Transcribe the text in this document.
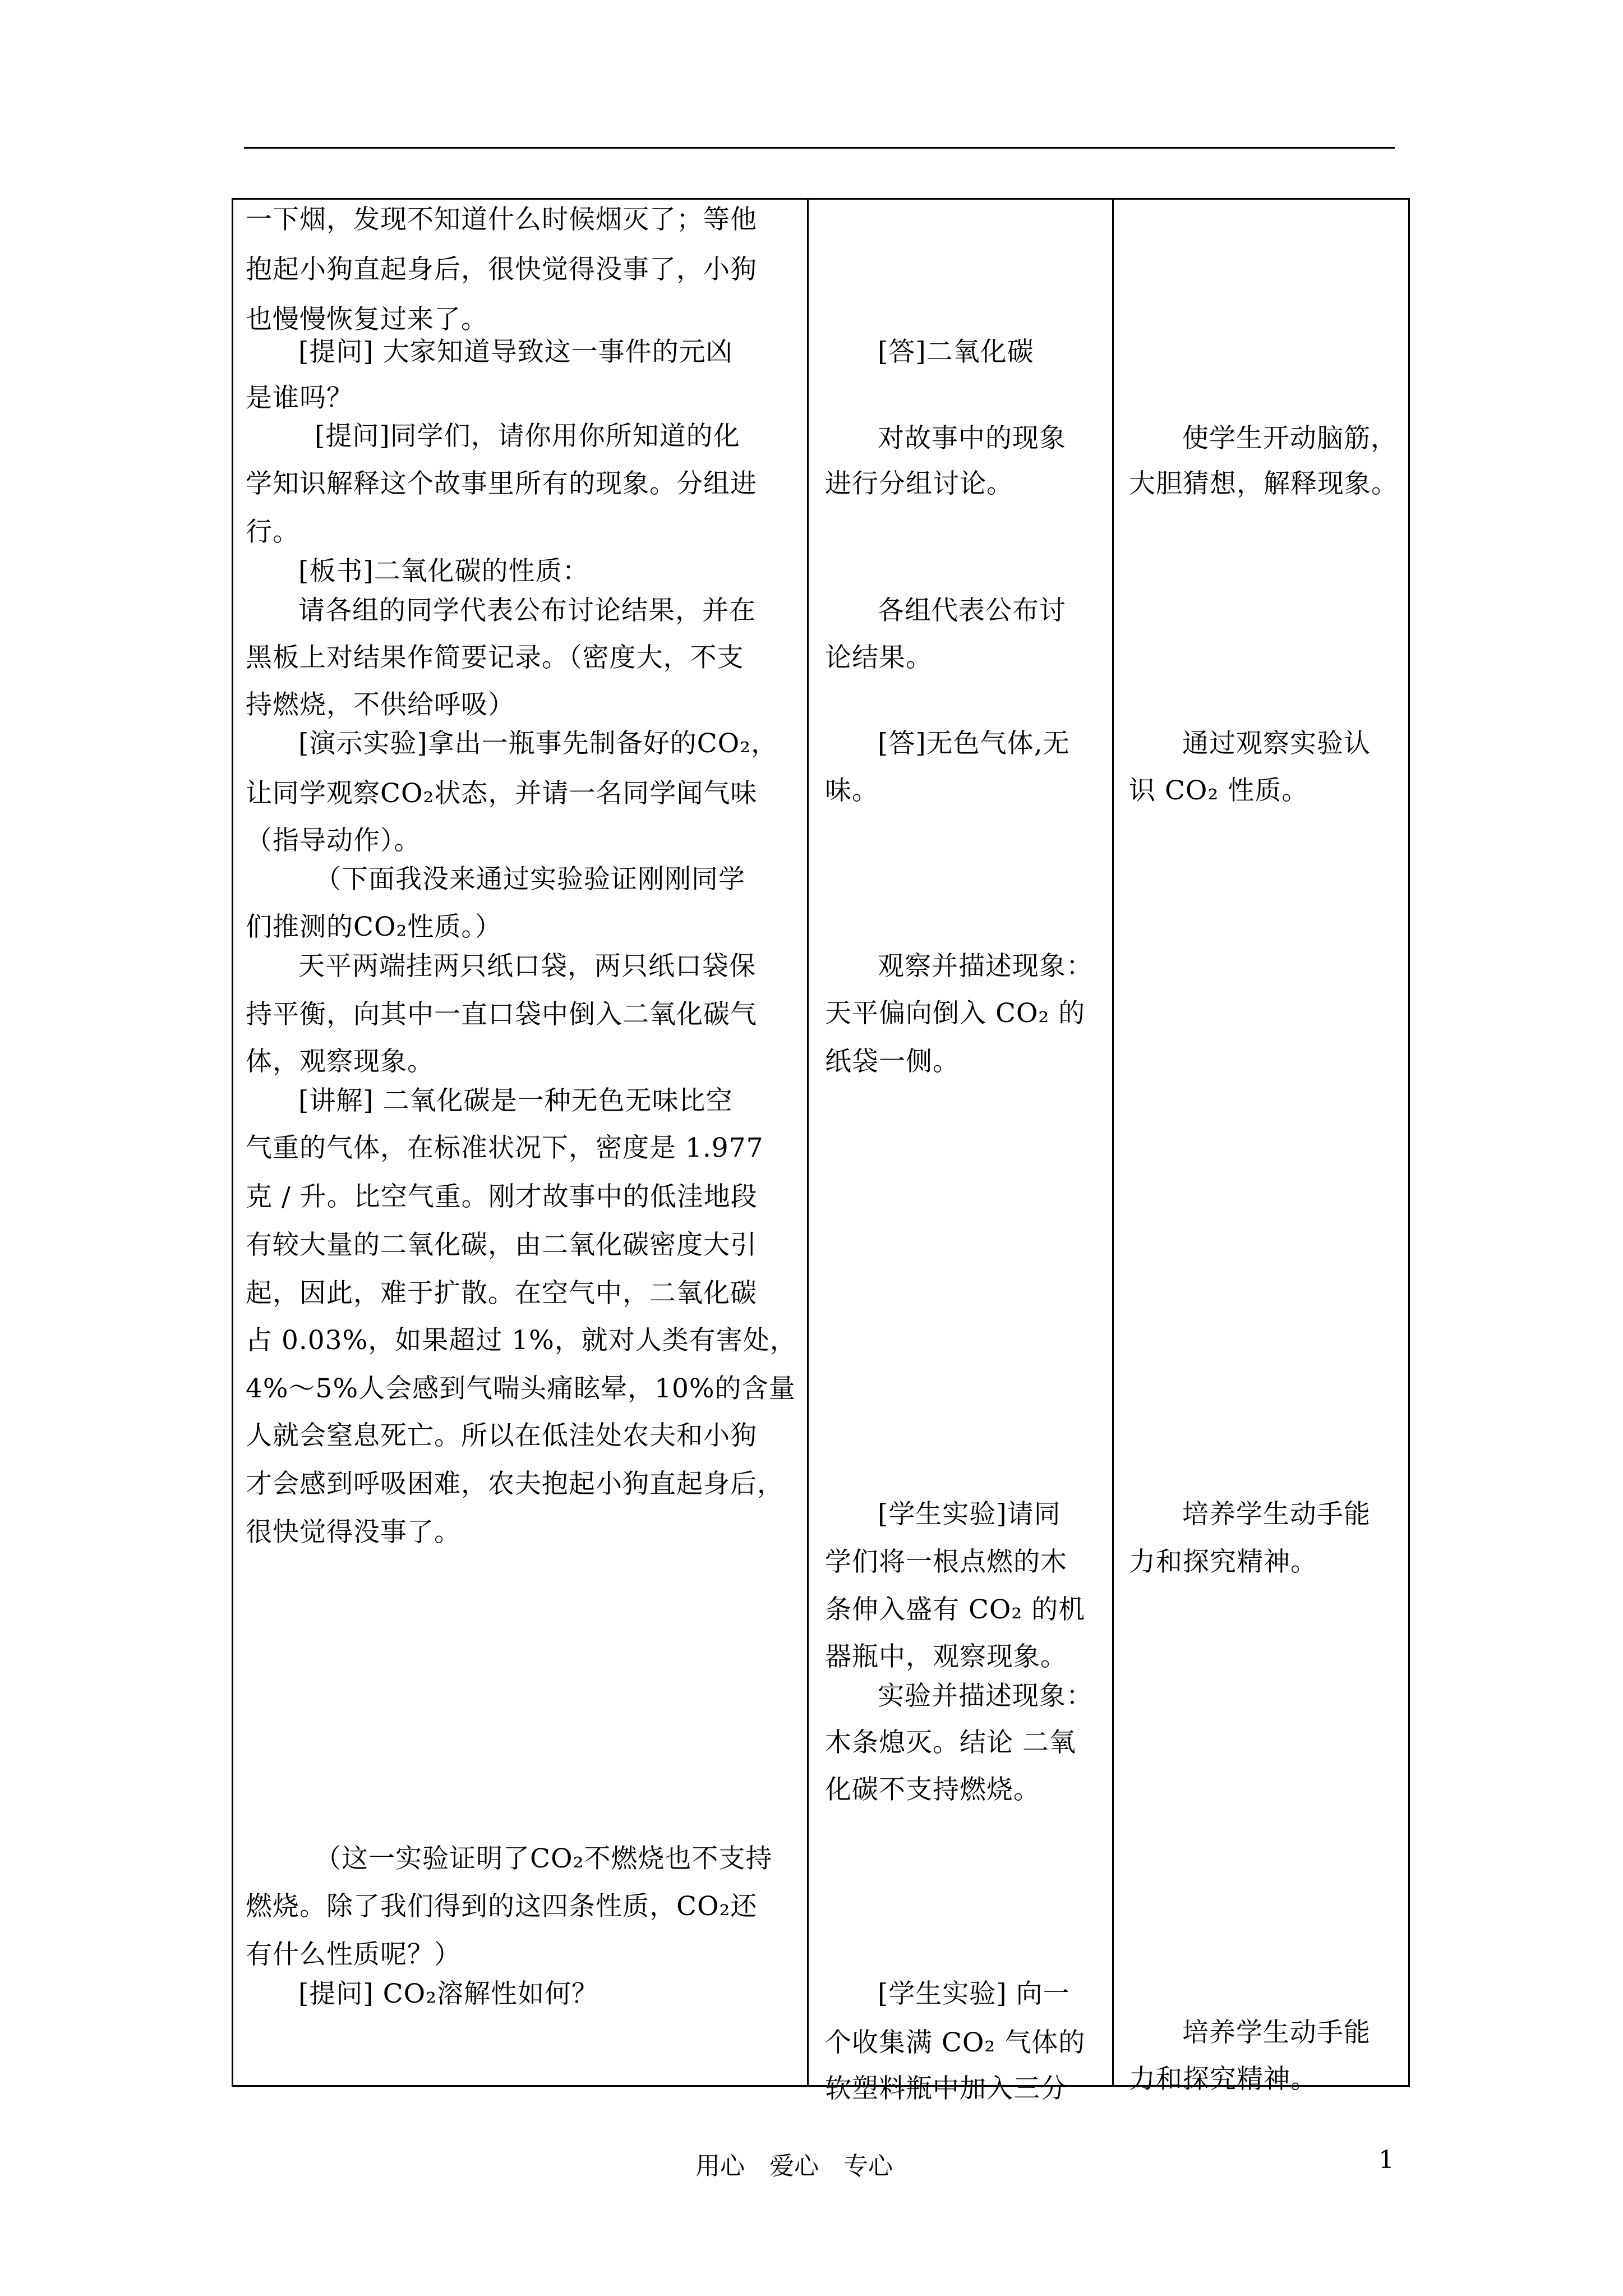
一下烟，发现不知道什么时候烟灭了；等他
抱起小狗直起身后，很快觉得没事了，小狗
也慢慢恢复过来了。
[提问] 大家知道导致这一事件的元凶
是谁吗？
[提问]同学们，请你用你所知道的化
学知识解释这个故事里所有的现象。分组进
行。
[板书]二氧化碳的性质：
请各组的同学代表公布讨论结果，并在
黑板上对结果作简要记录。（密度大，不支
持燃烧，不供给呼吸）
[演示实验]拿出一瓶事先制备好的CO₂，
让同学观察CO₂状态，并请一名同学闻气味
（指导动作）。
（下面我没来通过实验验证刚刚同学
们推测的CO₂性质。）
天平两端挂两只纸口袋，两只纸口袋保
持平衡，向其中一直口袋中倒入二氧化碳气
体，观察现象。
[讲解] 二氧化碳是一种无色无味比空
气重的气体，在标准状况下，密度是 1.977
克 / 升。比空气重。刚才故事中的低洼地段
有较大量的二氧化碳，由二氧化碳密度大引
起，因此，难于扩散。在空气中，二氧化碳
占 0.03%，如果超过 1%，就对人类有害处，
4%～5%人会感到气喘头痛眩晕，10%的含量
人就会窒息死亡。所以在低洼处农夫和小狗
才会感到呼吸困难，农夫抱起小狗直起身后，
很快觉得没事了。
（这一实验证明了CO₂不燃烧也不支持
燃烧。除了我们得到的这四条性质，CO₂还
有什么性质呢？）
[提问] CO₂溶解性如何？
[答]二氧化碳
对故事中的现象
进行分组讨论。
各组代表公布讨
论结果。
[答]无色气体,无
味。
观察并描述现象：
天平偏向倒入 CO₂ 的
纸袋一侧。
[学生实验]请同
学们将一根点燃的木
条伸入盛有 CO₂ 的机
器瓶中，观察现象。
实验并描述现象：
木条熄灭。结论 二氧
化碳不支持燃烧。
[学生实验] 向一
个收集满 CO₂ 气体的
软塑料瓶中加入三分
使学生开动脑筋，
大胆猜想，解释现象。
通过观察实验认
识 CO₂ 性质。
培养学生动手能
力和探究精神。
培养学生动手能
力和探究精神。
用心　爱心　专心	1
